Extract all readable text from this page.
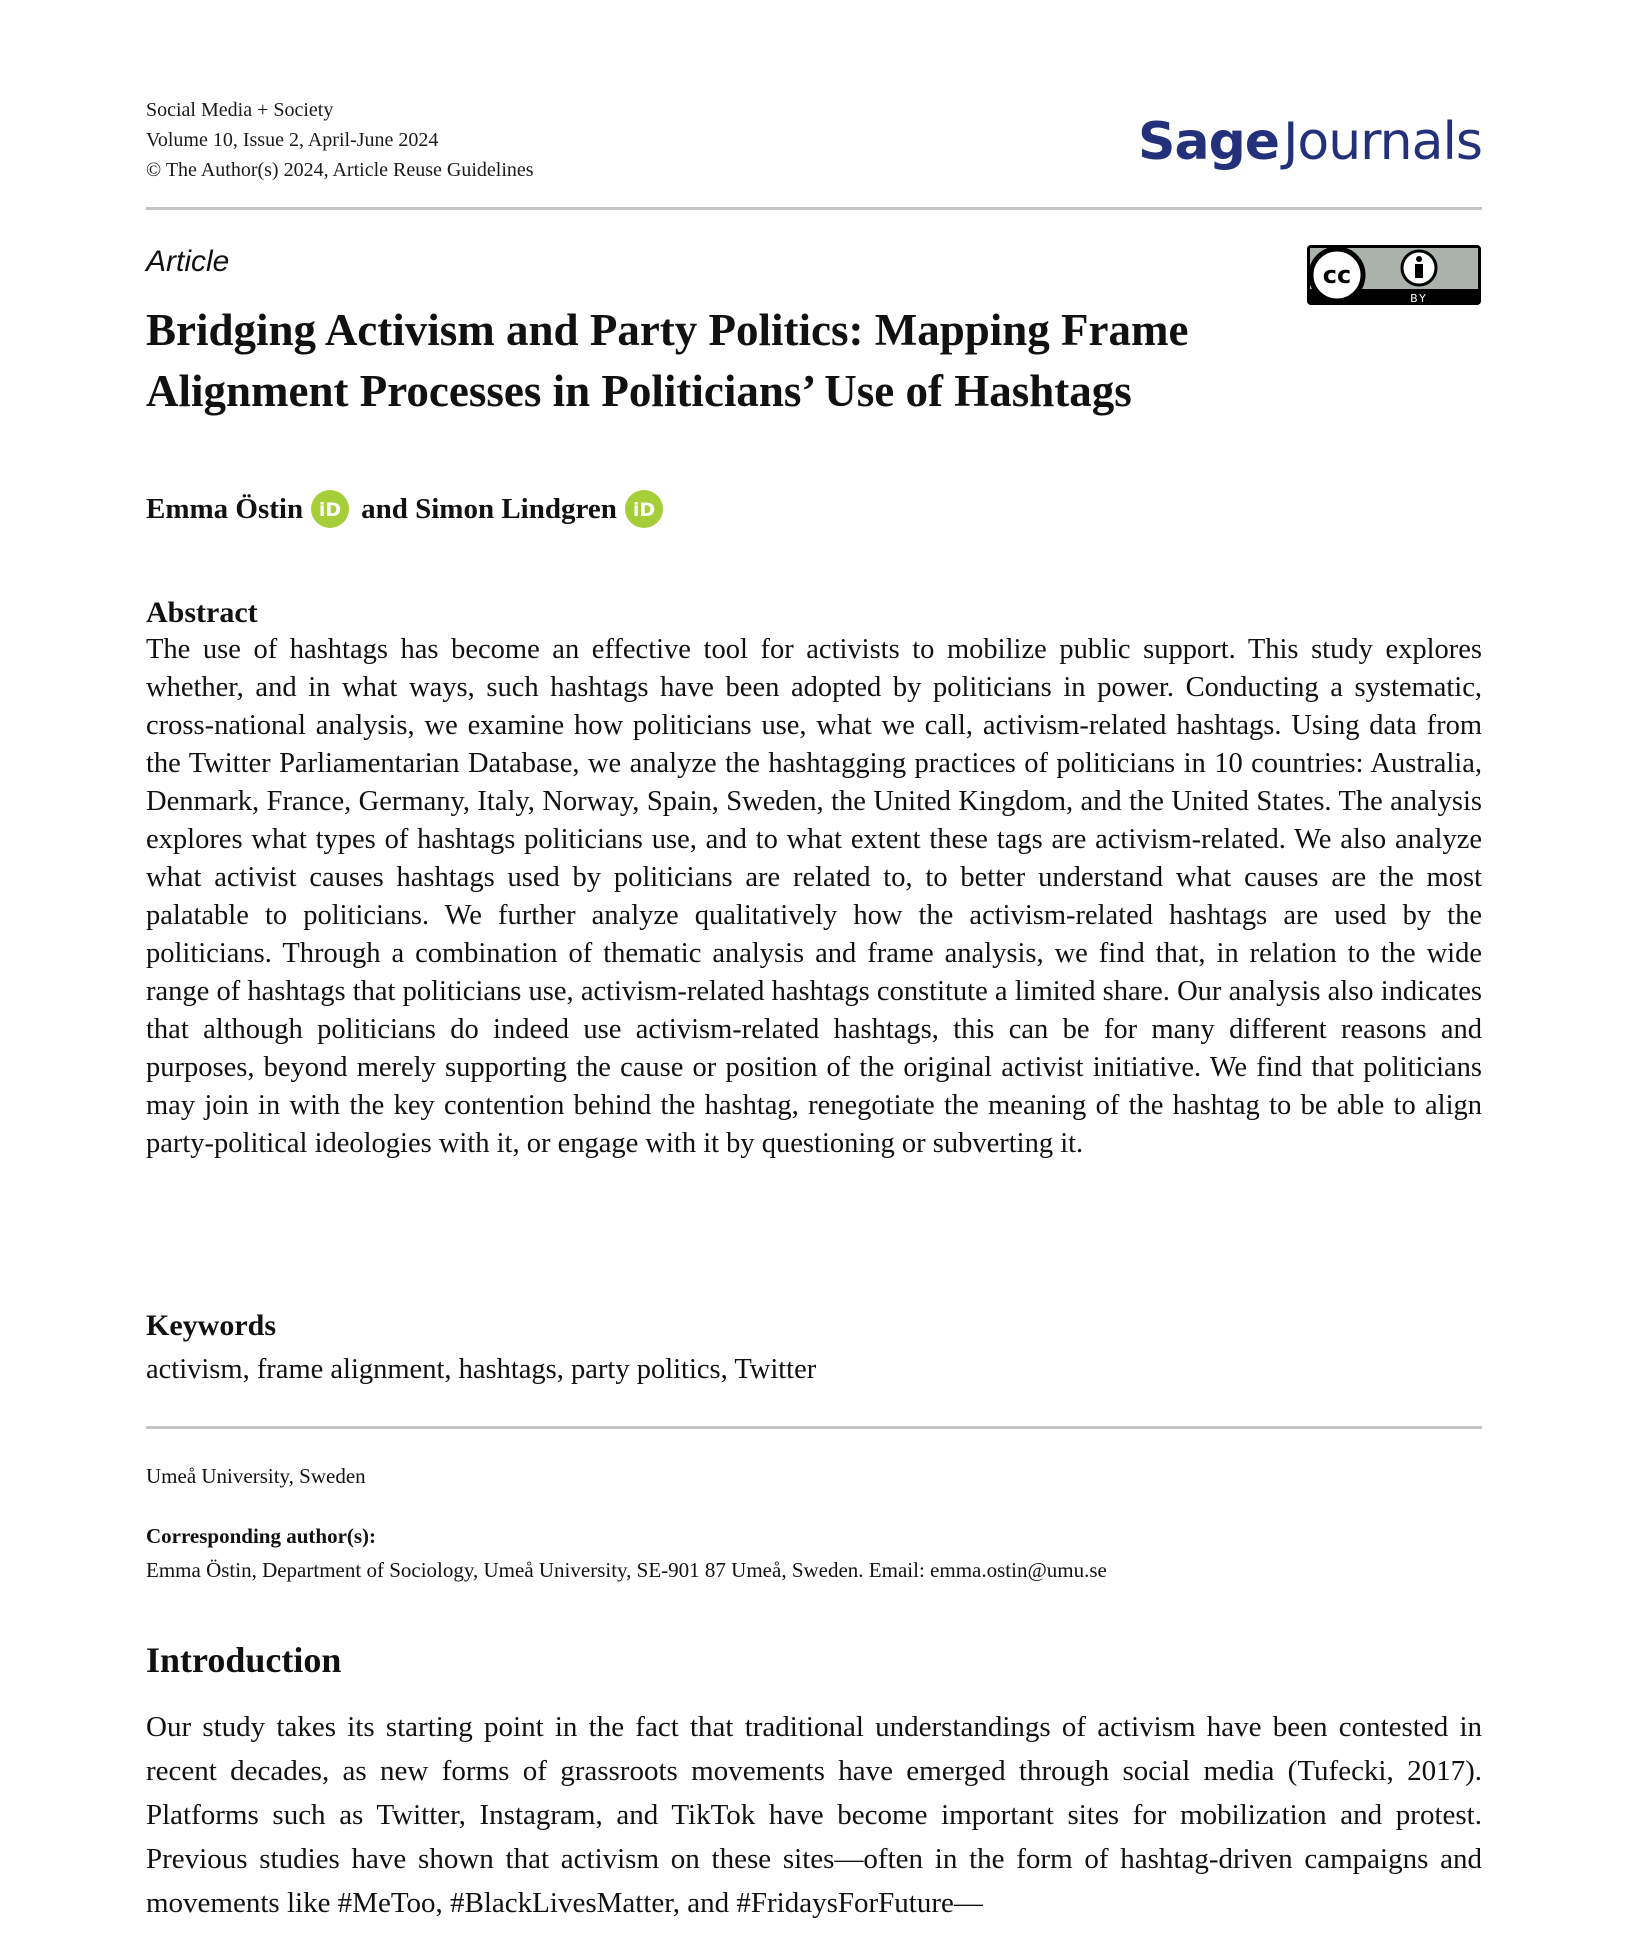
Social Media + Society
Volume 10, Issue 2, April-June 2024
© The Author(s) 2024, Article Reuse Guidelines	SageJournals
Article	cc
BY
Bridging Activism and Party Politics: Mapping Frame Alignment Processes in Politicians’ Use of Hashtags
Emma Östin iD and Simon Lindgren iD
Abstract

The use of hashtags has become an effective tool for activists to mobilize public support. This study explores whether, and in what ways, such hashtags have been adopted by politicians in power. Conducting a systematic, cross-national analysis, we examine how politicians use, what we call, activism-related hashtags. Using data from the Twitter Parliamentarian Database, we analyze the hashtagging practices of politicians in 10 countries: Australia, Denmark, France, Germany, Italy, Norway, Spain, Sweden, the United Kingdom, and the United States. The analysis explores what types of hashtags politicians use, and to what extent these tags are activism-related. We also analyze what activist causes hashtags used by politicians are related to, to better understand what causes are the most palatable to politicians. We further analyze qualitatively how the activism-related hashtags are used by the politicians. Through a combination of thematic analysis and frame analysis, we find that, in relation to the wide range of hashtags that politicians use, activism-related hashtags constitute a limited share. Our analysis also indicates that although politicians do indeed use activism-related hashtags, this can be for many different reasons and purposes, beyond merely supporting the cause or position of the original activist initiative. We find that politicians may join in with the key contention behind the hashtag, renegotiate the meaning of the hashtag to be able to align party-political ideologies with it, or engage with it by questioning or subverting it.

Keywords
activism, frame alignment, hashtags, party politics, Twitter
Umeå University, Sweden
Corresponding author(s):
Emma Östin, Department of Sociology, Umeå University, SE-901 87 Umeå, Sweden. Email: emma.ostin@umu.se
Introduction

Our study takes its starting point in the fact that traditional understandings of activism have been contested in recent decades, as new forms of grassroots movements have emerged through social media (Tufecki, 2017). Platforms such as Twitter, Instagram, and TikTok have become important sites for mobilization and protest. Previous studies have shown that activism on these sites—often in the form of hashtag-driven campaigns and movements like #MeToo, #BlackLivesMatter, and #FridaysForFuture—
